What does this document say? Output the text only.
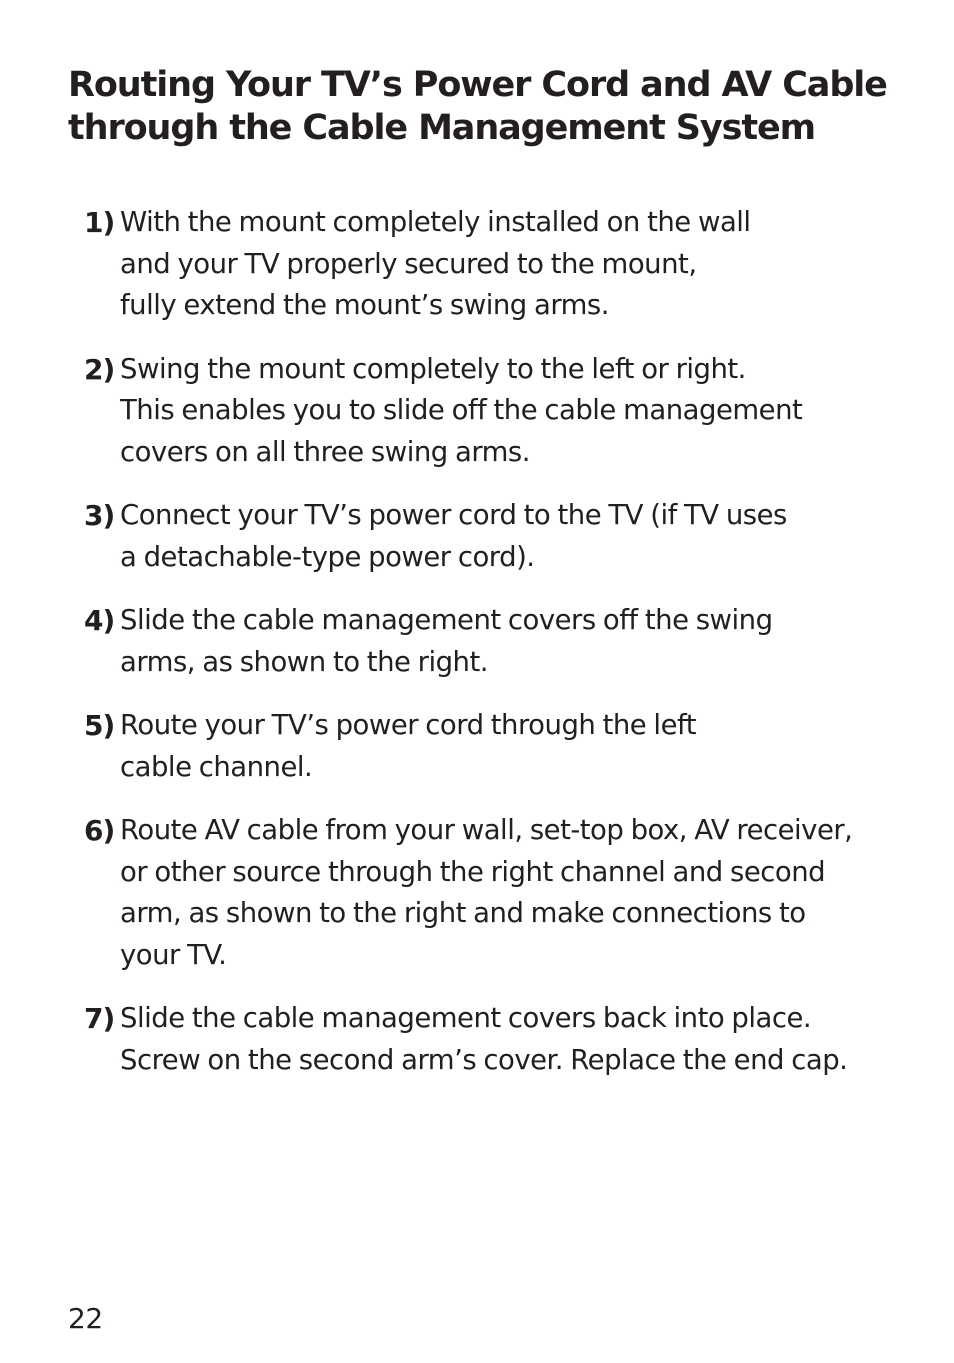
Routing Your TV’s Power Cord and AV Cable
through the Cable Management System
1) With the mount completely installed on the wall
and your TV properly secured to the mount,
fully extend the mount’s swing arms.
2) Swing the mount completely to the left or right.
This enables you to slide off the cable management
covers on all three swing arms.
3) Connect your TV’s power cord to the TV (if TV uses
a detachable-type power cord).
4) Slide the cable management covers off the swing
arms, as shown to the right.
5) Route your TV’s power cord through the left
cable channel.
6) Route AV cable from your wall, set-top box, AV receiver,
or other source through the right channel and second
arm, as shown to the right and make connections to
your TV.
7) Slide the cable management covers back into place.
Screw on the second arm’s cover. Replace the end cap.
22
